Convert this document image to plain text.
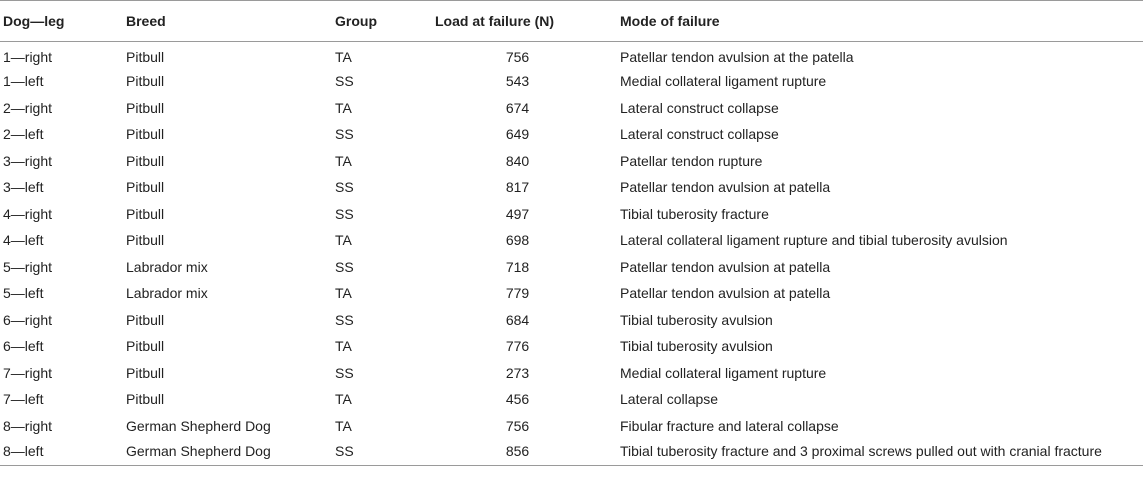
Dog—leg	Breed	Group	Load at failure (N)	Mode of failure
1—right	Pitbull	TA	756	Patellar tendon avulsion at the patella
1—left	Pitbull	SS	543	Medial collateral ligament rupture
2—right	Pitbull	TA	674	Lateral construct collapse
2—left	Pitbull	SS	649	Lateral construct collapse
3—right	Pitbull	TA	840	Patellar tendon rupture
3—left	Pitbull	SS	817	Patellar tendon avulsion at patella
4—right	Pitbull	SS	497	Tibial tuberosity fracture
4—left	Pitbull	TA	698	Lateral collateral ligament rupture and tibial tuberosity avulsion
5—right	Labrador mix	SS	718	Patellar tendon avulsion at patella
5—left	Labrador mix	TA	779	Patellar tendon avulsion at patella
6—right	Pitbull	SS	684	Tibial tuberosity avulsion
6—left	Pitbull	TA	776	Tibial tuberosity avulsion
7—right	Pitbull	SS	273	Medial collateral ligament rupture
7—left	Pitbull	TA	456	Lateral collapse
8—right	German Shepherd Dog	TA	756	Fibular fracture and lateral collapse
8—left	German Shepherd Dog	SS	856	Tibial tuberosity fracture and 3 proximal screws pulled out with cranial fracture
